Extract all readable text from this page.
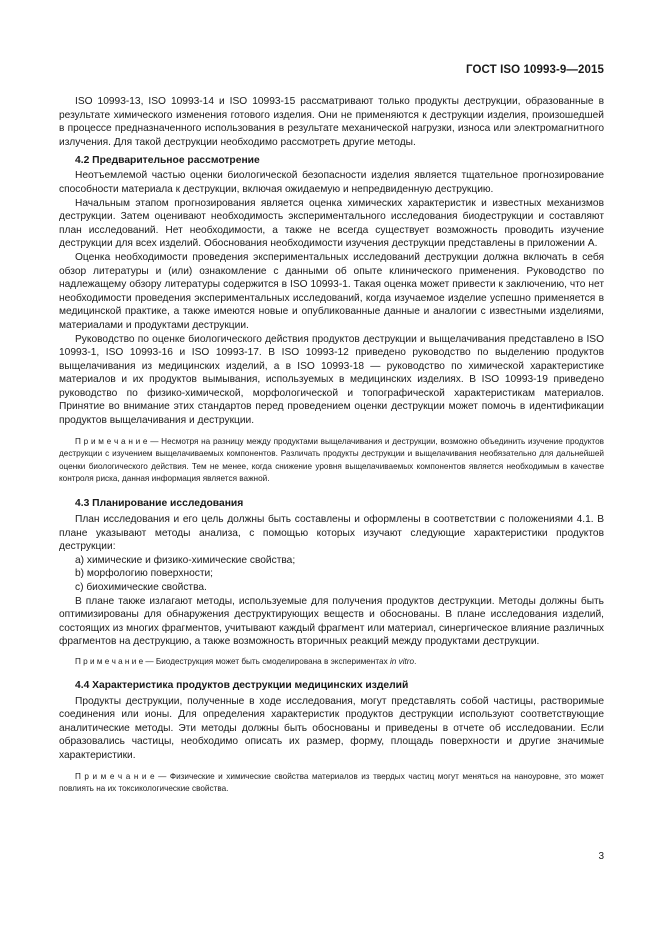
ГОСТ ISO 10993-9—2015

ISO 10993-13, ISO 10993-14 и ISO 10993-15 рассматривают только продукты деструкции, образованные в результате химического изменения готового изделия. Они не применяются к деструкции изделия, произошедшей в процессе предназначенного использования в результате механической нагрузки, износа или электромагнитного излучения. Для такой деструкции необходимо рассмотреть другие методы.

4.2 Предварительное рассмотрение

Неотъемлемой частью оценки биологической безопасности изделия является тщательное прогнозирование способности материала к деструкции, включая ожидаемую и непредвиденную деструкцию.

Начальным этапом прогнозирования является оценка химических характеристик и известных механизмов деструкции. Затем оценивают необходимость экспериментального исследования биодеструкции и составляют план исследований. Нет необходимости, а также не всегда существует возможность проводить изучение деструкции для всех изделий. Обоснования необходимости изучения деструкции представлены в приложении А.

Оценка необходимости проведения экспериментальных исследований деструкции должна включать в себя обзор литературы и (или) ознакомление с данными об опыте клинического применения. Руководство по надлежащему обзору литературы содержится в ISO 10993-1. Такая оценка может привести к заключению, что нет необходимости проведения экспериментальных исследований, когда изучаемое изделие успешно применяется в медицинской практике, а также имеются новые и опубликованные данные и аналогии с известными изделиями, материалами и продуктами деструкции.

Руководство по оценке биологического действия продуктов деструкции и выщелачивания представлено в ISO 10993-1, ISO 10993-16 и ISO 10993-17. В ISO 10993-12 приведено руководство по выделению продуктов выщелачивания из медицинских изделий, а в ISO 10993-18 — руководство по химической характеристике материалов и их продуктов вымывания, используемых в медицинских изделиях. В ISO 10993-19 приведено руководство по физико-химической, морфологической и топографической характеристикам материалов. Принятие во внимание этих стандартов перед проведением оценки деструкции может помочь в идентификации продуктов выщелачивания и деструкции.

П р и м е ч а н и е — Несмотря на разницу между продуктами выщелачивания и деструкции, возможно объединить изучение продуктов деструкции с изучением выщелачиваемых компонентов. Различать продукты деструкции и выщелачивания необязательно для дальнейшей оценки биологического действия. Тем не менее, когда снижение уровня выщелачиваемых компонентов является необходимым в качестве контроля риска, данная информация является важной.
4.3 Планирование исследования

План исследования и его цель должны быть составлены и оформлены в соответствии с положениями 4.1. В плане указывают методы анализа, с помощью которых изучают следующие характеристики продуктов деструкции:

a) химические и физико-химические свойства;
b) морфологию поверхности;
c) биохимические свойства.

В плане также излагают методы, используемые для получения продуктов деструкции. Методы должны быть оптимизированы для обнаружения деструктирующих веществ и обоснованы. В плане исследования изделий, состоящих из многих фрагментов, учитывают каждый фрагмент или материал, синергическое влияние различных фрагментов на деструкцию, а также возможность вторичных реакций между продуктами деструкции.

П р и м е ч а н и е — Биодеструкция может быть смоделирована в экспериментах in vitro.
4.4 Характеристика продуктов деструкции медицинских изделий

Продукты деструкции, полученные в ходе исследования, могут представлять собой частицы, растворимые соединения или ионы. Для определения характеристик продуктов деструкции используют соответствующие аналитические методы. Эти методы должны быть обоснованы и приведены в отчете об исследовании. Если образовались частицы, необходимо описать их размер, форму, площадь поверхности и другие значимые характеристики.

П р и м е ч а н и е — Физические и химические свойства материалов из твердых частиц могут меняться на наноуровне, это может повлиять на их токсикологические свойства.
3
